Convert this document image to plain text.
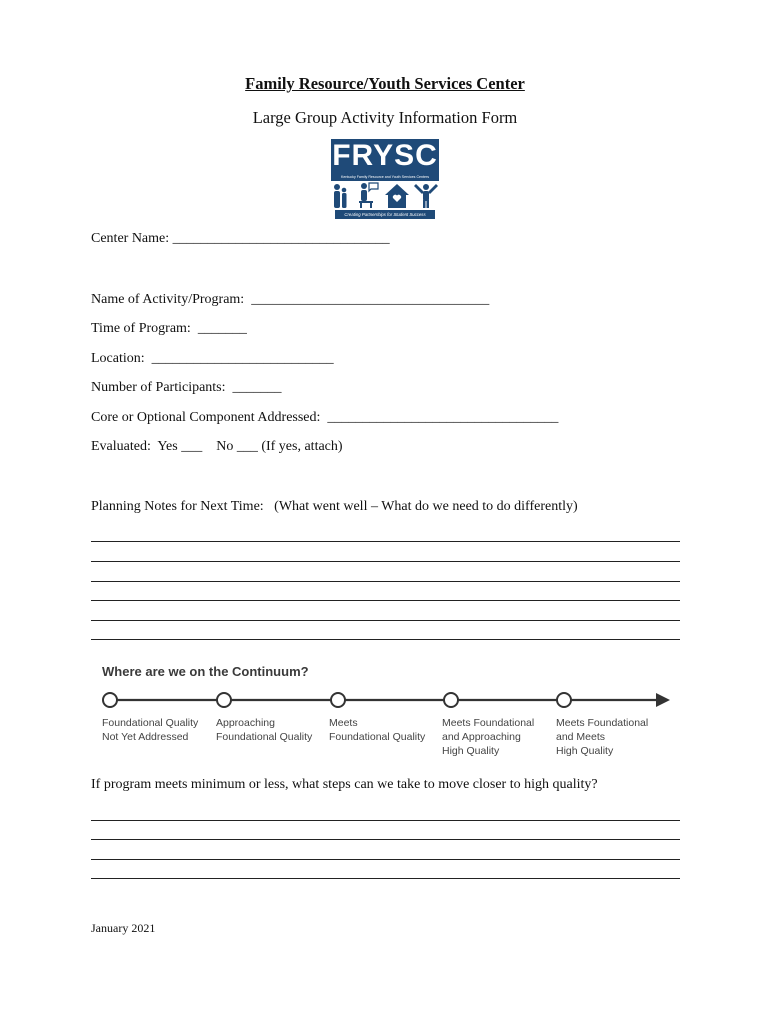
Family Resource/Youth Services Center
Large Group Activity Information Form
FRYSC
Kentucky Family Resource and Youth Services Centers
Creating Partnerships for Student Success
Center Name: _______________________________
Name of Activity/Program:  __________________________________
Time of Program:  _______
Location:  __________________________
Number of Participants:  _______
Core or Optional Component Addressed:  _________________________________
Evaluated:  Yes ___    No ___ (If yes, attach)
Planning Notes for Next Time:   (What went well – What do we need to do differently)
Where are we on the Continuum?
Foundational Quality
Not Yet Addressed
Approaching
Foundational Quality
Meets
Foundational Quality
Meets Foundational
and Approaching
High Quality
Meets Foundational
and Meets
High Quality
If program meets minimum or less, what steps can we take to move closer to high quality?
January 2021
